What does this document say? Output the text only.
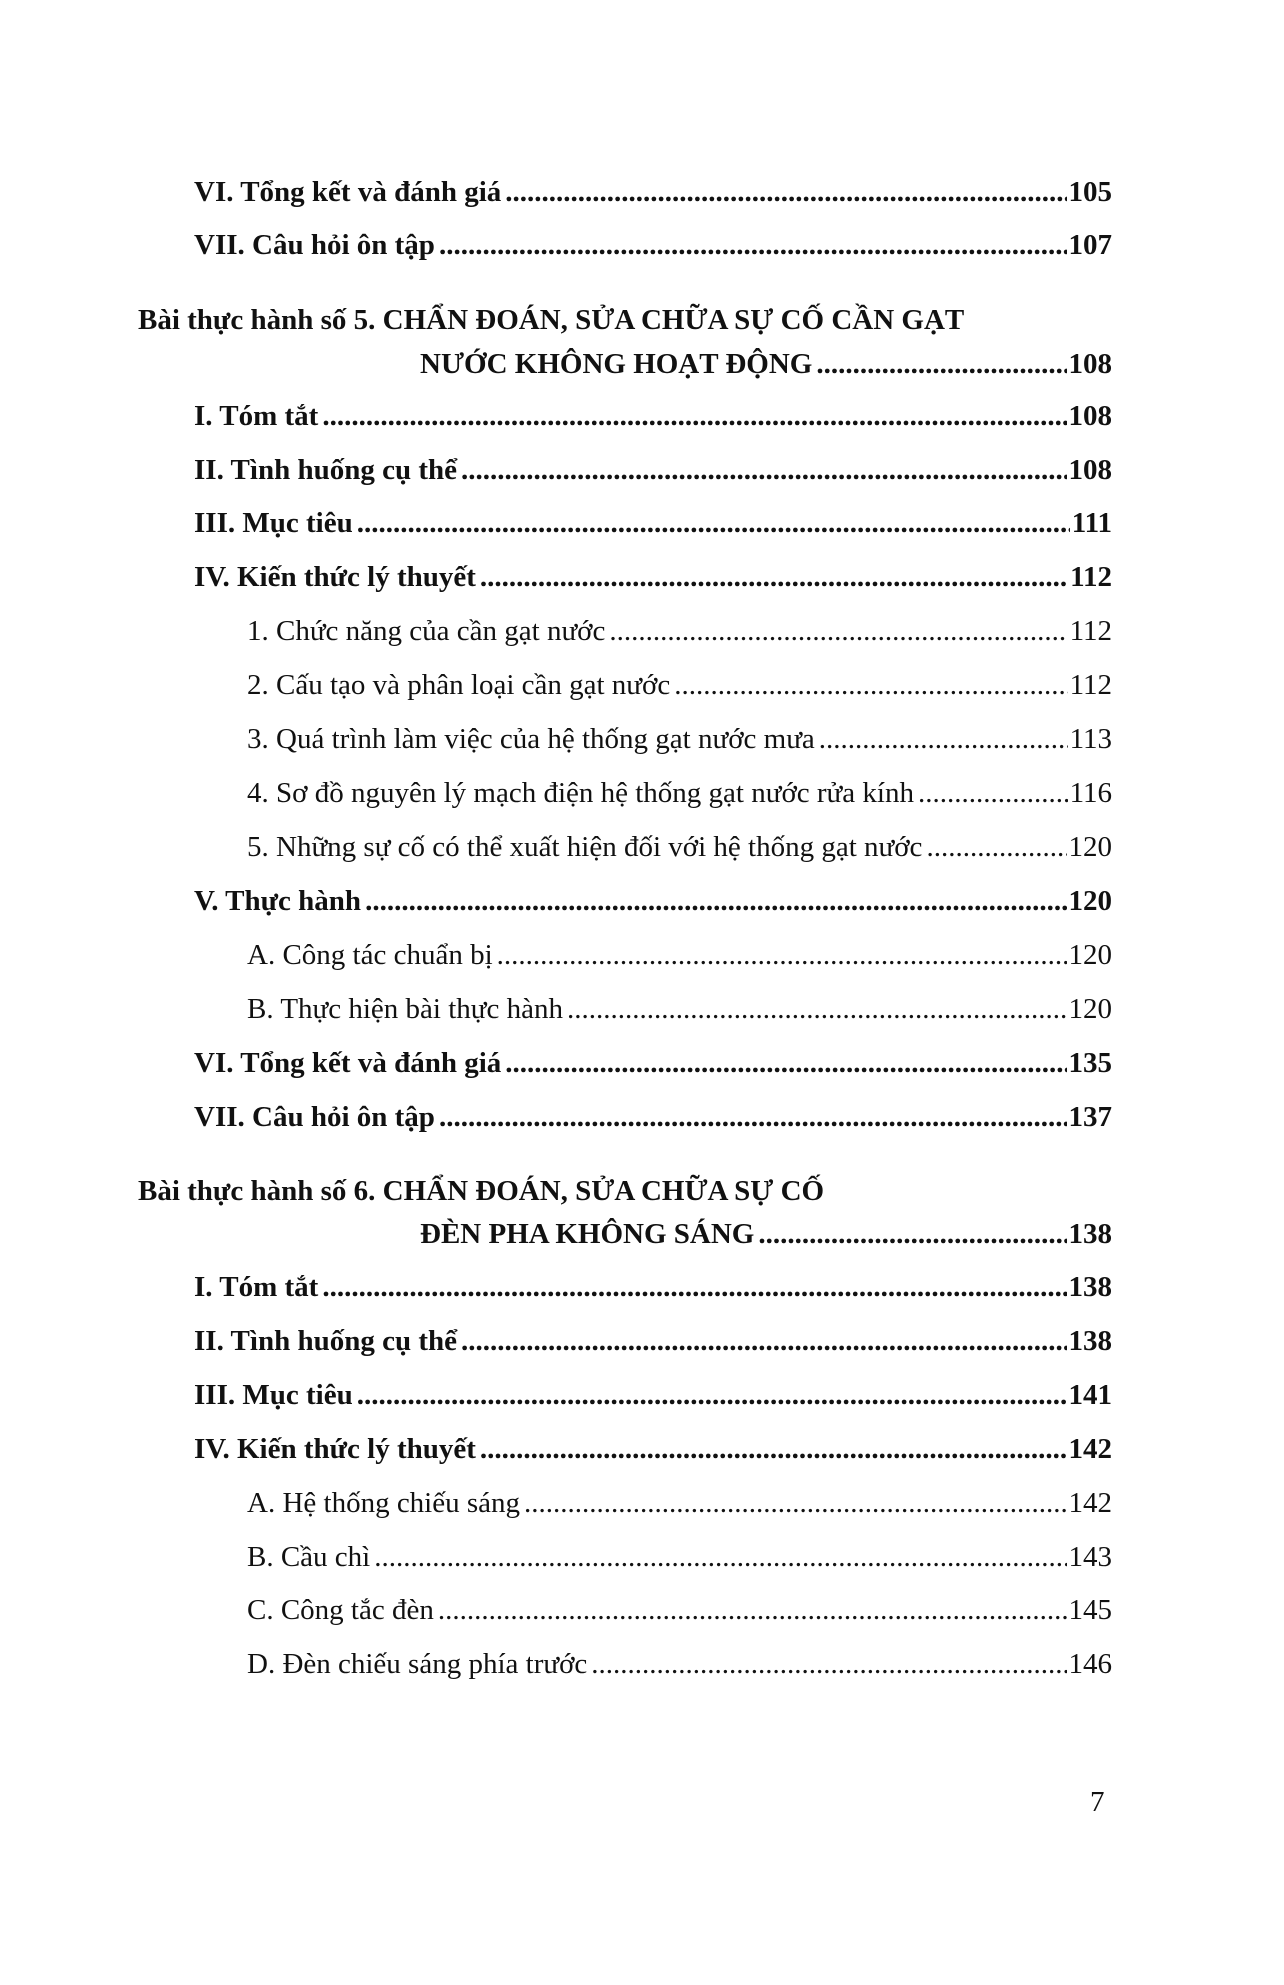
VI. Tổng kết và đánh giá .....	105
VII. Câu hỏi ôn tập .....	107
Bài thực hành số 5. CHẨN ĐOÁN, SỬA CHỮA SỰ CỐ CẦN GẠT
NƯỚC KHÔNG HOẠT ĐỘNG .....	108
I. Tóm tắt .....	108
II. Tình huống cụ thể .....	108
III. Mục tiêu .....	111
IV. Kiến thức lý thuyết .....	112
1. Chức năng của cần gạt nước .....	112
2. Cấu tạo và phân loại cần gạt nước .....	112
3. Quá trình làm việc của hệ thống gạt nước mưa .....	113
4. Sơ đồ nguyên lý mạch điện hệ thống gạt nước rửa kính .....	116
5. Những sự cố có thể xuất hiện đối với hệ thống gạt nước .....	120
V. Thực hành .....	120
A. Công tác chuẩn bị .....	120
B. Thực hiện bài thực hành .....	120
VI. Tổng kết và đánh giá .....	135
VII. Câu hỏi ôn tập .....	137
Bài thực hành số 6. CHẨN ĐOÁN, SỬA CHỮA SỰ CỐ
ĐÈN PHA KHÔNG SÁNG .....	138
I. Tóm tắt .....	138
II. Tình huống cụ thể .....	138
III. Mục tiêu .....	141
IV. Kiến thức lý thuyết .....	142
A. Hệ thống chiếu sáng .....	142
B. Cầu chì .....	143
C. Công tắc đèn .....	145
D. Đèn chiếu sáng phía trước .....	146
7
